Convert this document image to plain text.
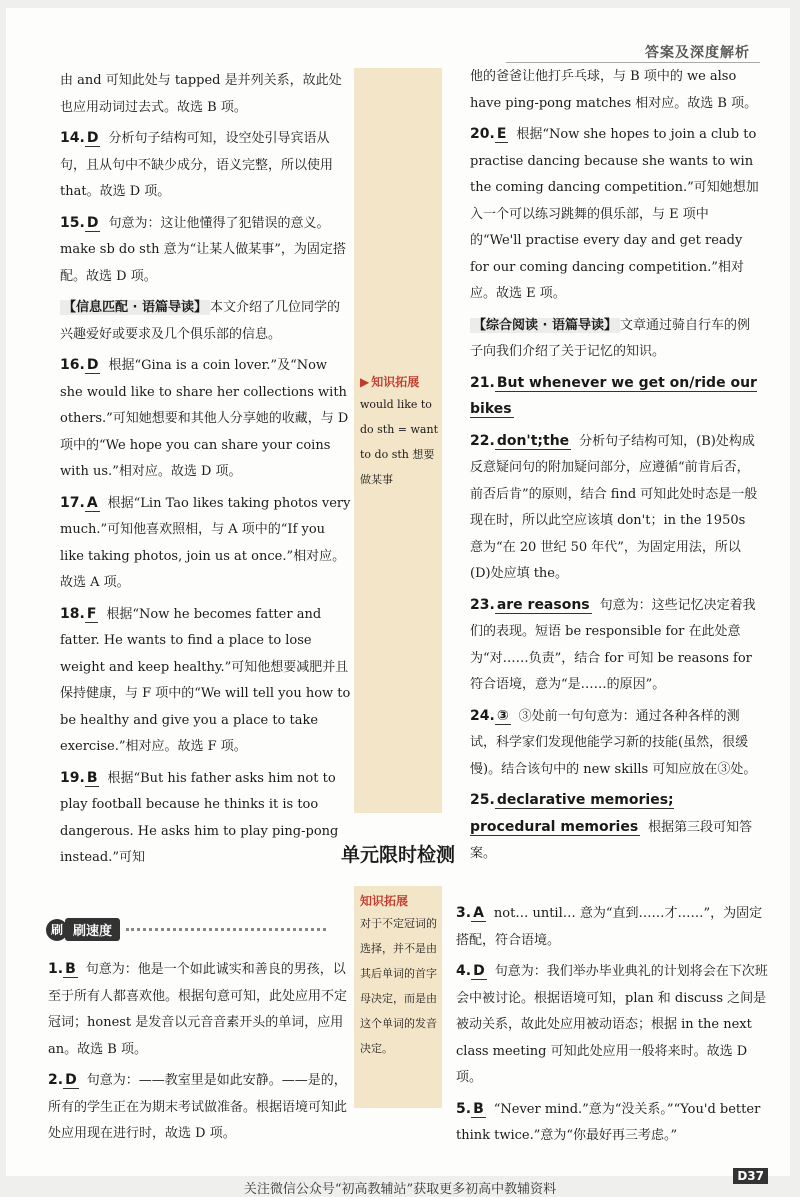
答案及深度解析

由 and 可知此处与 tapped 是并列关系，故此处也应用动词过去式。故选 B 项。

14. D 分析句子结构可知，设空处引导宾语从句，且从句中不缺少成分，语义完整，所以使用 that。故选 D 项。

15. D 句意为：这让他懂得了犯错误的意义。make sb do sth 意为“让某人做某事”，为固定搭配。故选 D 项。

【信息匹配 · 语篇导读】 本文介绍了几位同学的兴趣爱好或要求及几个俱乐部的信息。

16. D 根据“Gina is a coin lover.”及“Now she would like to share her collections with others.”可知她想要和其他人分享她的收藏，与 D 项中的“We hope you can share your coins with us.”相对应。故选 D 项。

17. A 根据“Lin Tao likes taking photos very much.”可知他喜欢照相，与 A 项中的“If you like taking photos, join us at once.”相对应。故选 A 项。

18. F 根据“Now he becomes fatter and fatter. He wants to find a place to lose weight and keep healthy.”可知他想要减肥并且保持健康，与 F 项中的“We will tell you how to be healthy and give you a place to take exercise.”相对应。故选 F 项。

19. B 根据“But his father asks him not to play football because he thinks it is too dangerous. He asks him to play ping-pong instead.”可知

▶ 知识拓展
would like to do sth = want to do sth 想要做某事

他的爸爸让他打乒乓球，与 B 项中的 we also have ping-pong matches 相对应。故选 B 项。

20. E 根据“Now she hopes to join a club to practise dancing because she wants to win the coming dancing competition.”可知她想加入一个可以练习跳舞的俱乐部，与 E 项中的“We'll practise every day and get ready for our coming dancing competition.”相对应。故选 E 项。

【综合阅读 · 语篇导读】 文章通过骑自行车的例子向我们介绍了关于记忆的知识。

21. But whenever we get on/ride our bikes

22. don't;the 分析句子结构可知，(B)处构成反意疑问句的附加疑问部分，应遵循“前肯后否，前否后肯”的原则，结合 find 可知此处时态是一般现在时，所以此空应该填 don't；in the 1950s 意为“在 20 世纪 50 年代”，为固定用法，所以(D)处应填 the。

23. are reasons 句意为：这些记忆决定着我们的表现。短语 be responsible for 在此处意为“对……负责”，结合 for 可知 be reasons for 符合语境，意为“是……的原因”。

24. ③ ③处前一句句意为：通过各种各样的测试，科学家们发现他能学习新的技能(虽然，很缓慢)。结合该句中的 new skills 可知应放在③处。

25. declarative memories; procedural memories 根据第三段可知答案。

单元限时检测
刷 刷速度

1. B 句意为：他是一个如此诚实和善良的男孩，以至于所有人都喜欢他。根据句意可知，此处应用不定冠词；honest 是发音以元音音素开头的单词，应用 an。故选 B 项。

2. D 句意为：——教室里是如此安静。——是的，所有的学生正在为期末考试做准备。根据语境可知此处应用现在进行时，故选 D 项。

知识拓展
对于不定冠词的选择，并不是由其后单词的首字母决定，而是由这个单词的发音决定。

3. A not… until… 意为“直到……才……”，为固定搭配，符合语境。

4. D 句意为：我们举办毕业典礼的计划将会在下次班会中被讨论。根据语境可知，plan 和 discuss 之间是被动关系，故此处应用被动语态；根据 in the next class meeting 可知此处应用一般将来时。故选 D 项。

5. B “Never mind.”意为“没关系。”“You'd better think twice.”意为“你最好再三考虑。”

D37
关注微信公众号“初高教辅站”获取更多初高中教辅资料
